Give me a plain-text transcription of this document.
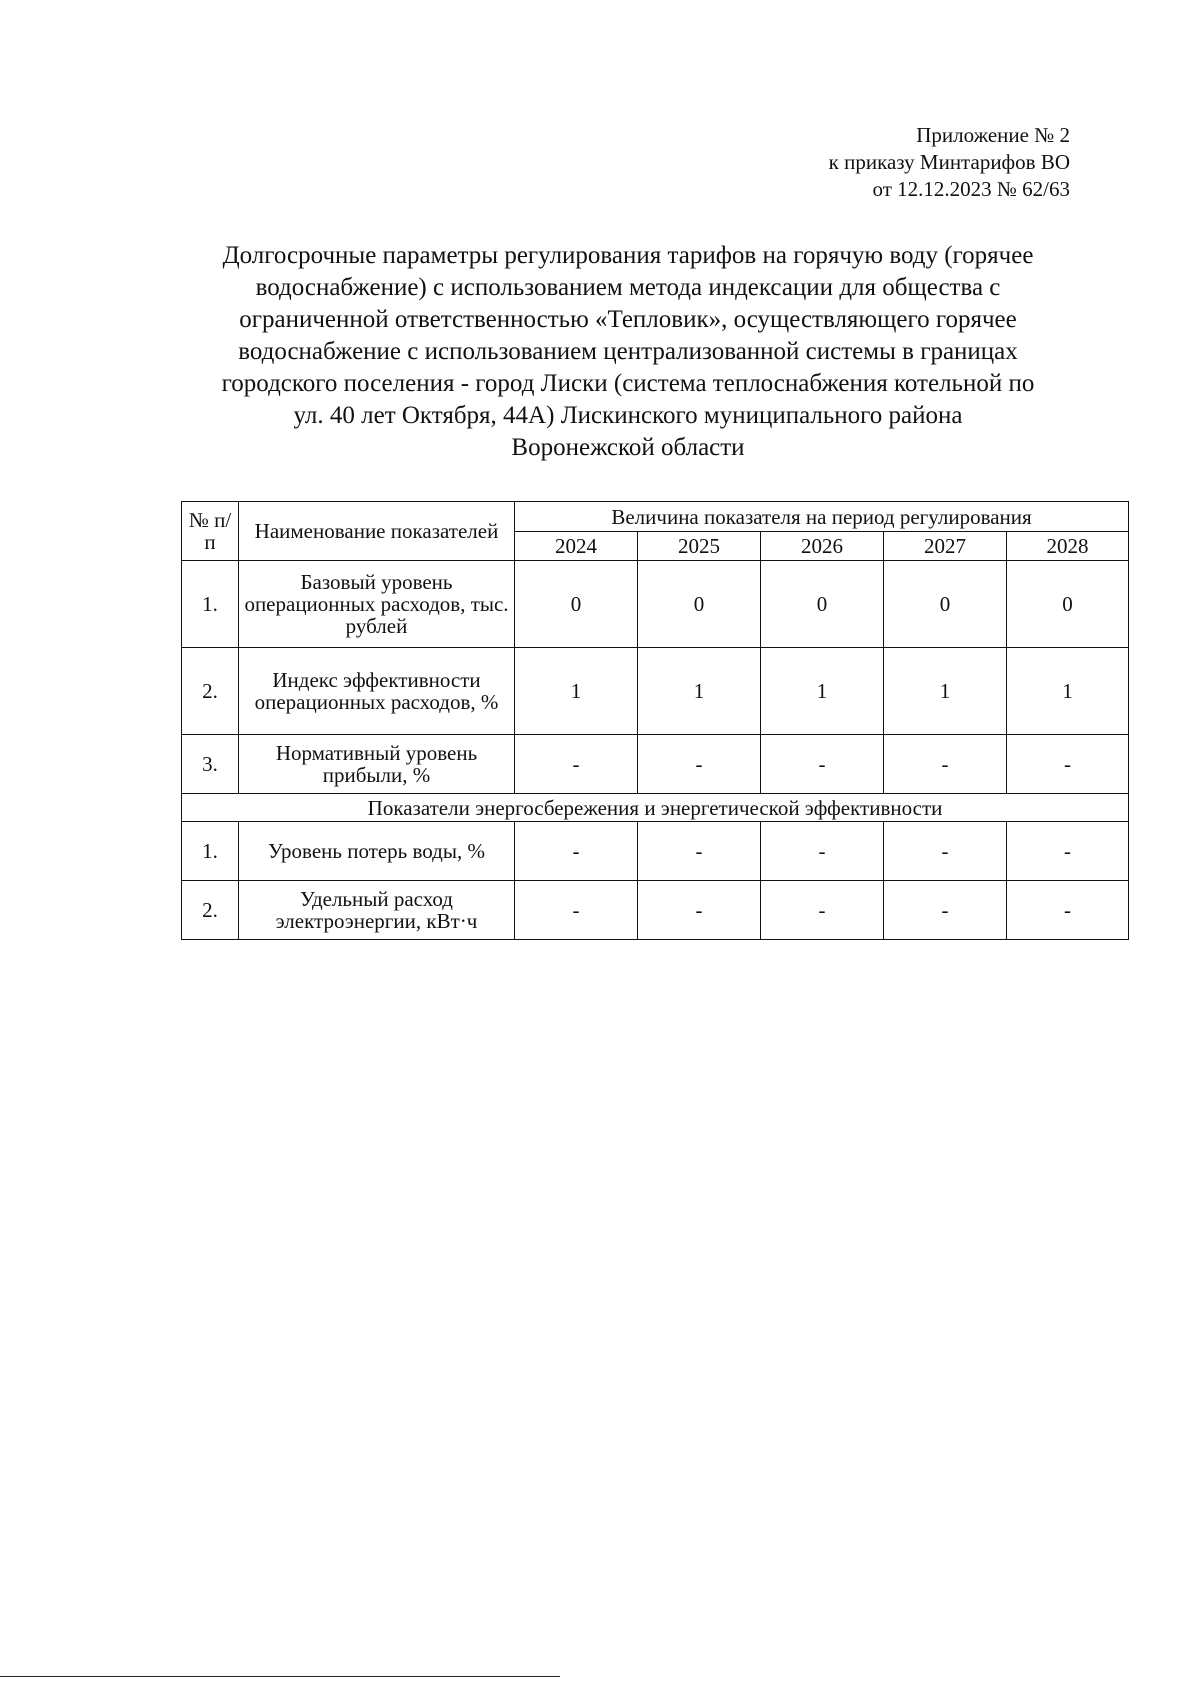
Приложение № 2
к приказу Минтарифов ВО
от 12.12.2023 № 62/63
Долгосрочные параметры регулирования тарифов на горячую воду (горячее
водоснабжение) с использованием метода индексации для общества с
ограниченной ответственностью «Тепловик», осуществляющего горячее
водоснабжение с использованием централизованной системы в границах
городского поселения - город Лиски (система теплоснабжения котельной по
ул. 40 лет Октября, 44А) Лискинского муниципального района
Воронежской области
№ п/п	Наименование показателей	Величина показателя на период регулирования				
		2024	2025	2026	2027	2028
1.	Базовый уровень операционных расходов, тыс. рублей	0	0	0	0	0
2.	Индекс эффективности операционных расходов, %	1	1	1	1	1
3.	Нормативный уровень прибыли, %	-	-	-	-	-
Показатели энергосбережения и энергетической эффективности						
1.	Уровень потерь воды, %	-	-	-	-	-
2.	Удельный расход электроэнергии, кВт·ч	-	-	-	-	-
